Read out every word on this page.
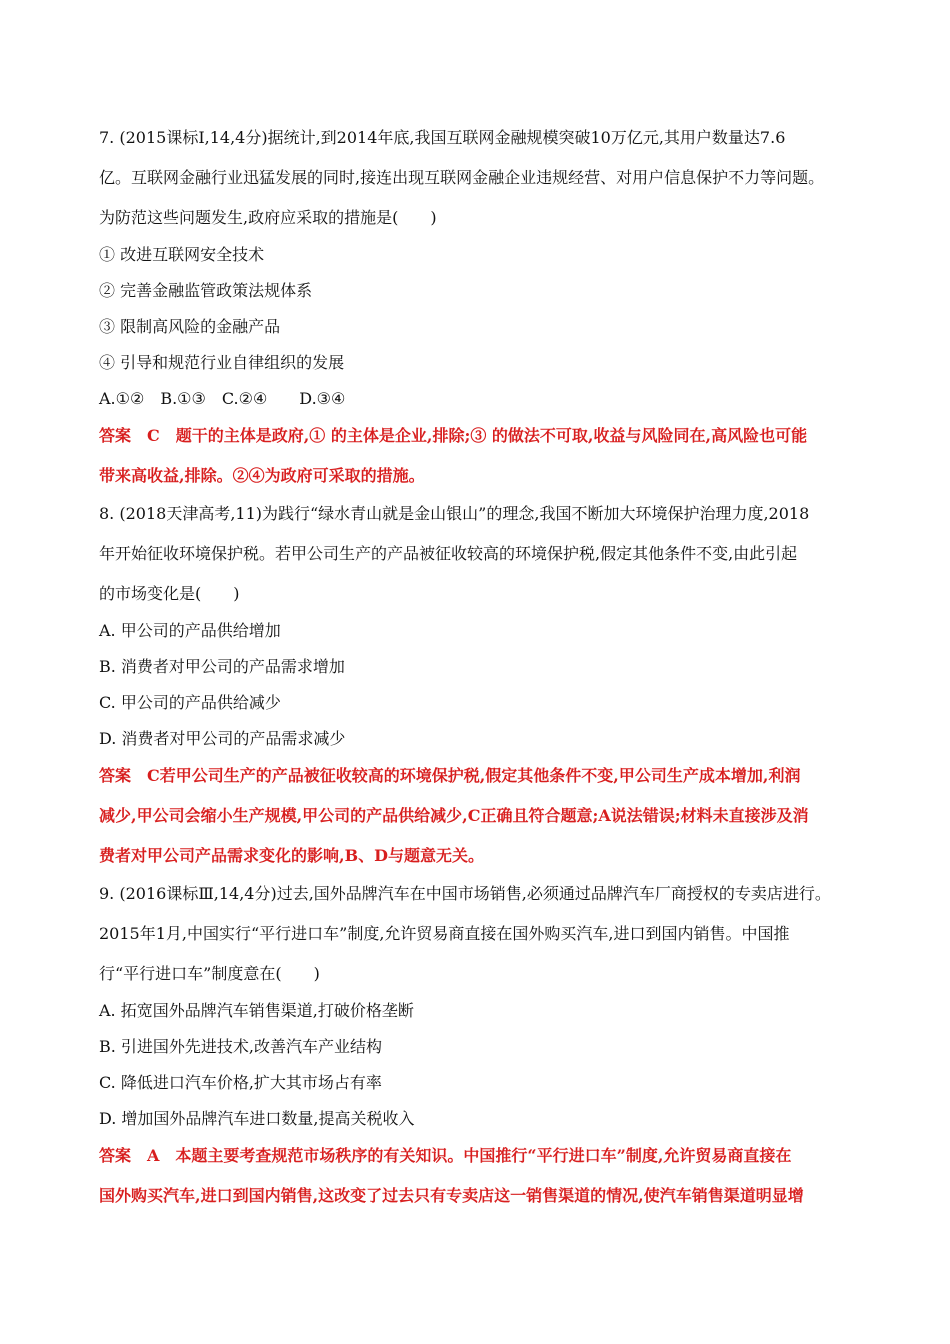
7. (2015课标Ⅰ,14,4分)据统计,到2014年底,我国互联网金融规模突破10万亿元,其用户数量达7.6
亿。互联网金融行业迅猛发展的同时,接连出现互联网金融企业违规经营、对用户信息保护不力等问题。
为防范这些问题发生,政府应采取的措施是(　　)
① 改进互联网安全技术
② 完善金融监管政策法规体系
③ 限制高风险的金融产品
④ 引导和规范行业自律组织的发展
A.①②　B.①③　C.②④　　D.③④
答案　C　题干的主体是政府,① 的主体是企业,排除;③ 的做法不可取,收益与风险同在,高风险也可能
带来高收益,排除。②④为政府可采取的措施。
8. (2018天津高考,11)为践行“绿水青山就是金山银山”的理念,我国不断加大环境保护治理力度,2018
年开始征收环境保护税。若甲公司生产的产品被征收较高的环境保护税,假定其他条件不变,由此引起
的市场变化是(　　)
A. 甲公司的产品供给增加
B. 消费者对甲公司的产品需求增加
C. 甲公司的产品供给减少
D. 消费者对甲公司的产品需求减少
答案　C若甲公司生产的产品被征收较高的环境保护税,假定其他条件不变,甲公司生产成本增加,利润
减少,甲公司会缩小生产规模,甲公司的产品供给减少,C正确且符合题意;A说法错误;材料未直接涉及消
费者对甲公司产品需求变化的影响,B、D与题意无关。
9. (2016课标Ⅲ,14,4分)过去,国外品牌汽车在中国市场销售,必须通过品牌汽车厂商授权的专卖店进行。
2015年1月,中国实行“平行进口车”制度,允许贸易商直接在国外购买汽车,进口到国内销售。中国推
行“平行进口车”制度意在(　　)
A. 拓宽国外品牌汽车销售渠道,打破价格垄断
B. 引进国外先进技术,改善汽车产业结构
C. 降低进口汽车价格,扩大其市场占有率
D. 增加国外品牌汽车进口数量,提高关税收入
答案　A　本题主要考查规范市场秩序的有关知识。中国推行“平行进口车”制度,允许贸易商直接在
国外购买汽车,进口到国内销售,这改变了过去只有专卖店这一销售渠道的情况,使汽车销售渠道明显增
